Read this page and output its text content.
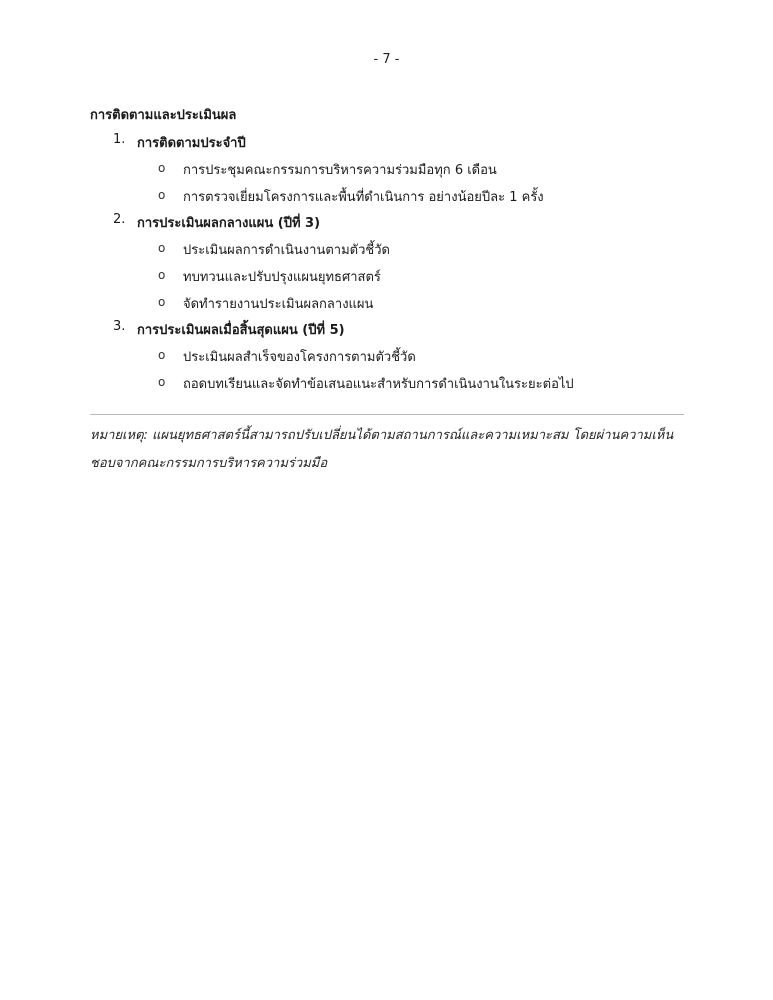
- 7 -
การติดตามและประเมินผล
1. การติดตามประจำปี
o การประชุมคณะกรรมการบริหารความร่วมมือทุก 6 เดือน
o การตรวจเยี่ยมโครงการและพื้นที่ดำเนินการ อย่างน้อยปีละ 1 ครั้ง
2. การประเมินผลกลางแผน (ปีที่ 3)
o ประเมินผลการดำเนินงานตามตัวชี้วัด
o ทบทวนและปรับปรุงแผนยุทธศาสตร์
o จัดทำรายงานประเมินผลกลางแผน
3. การประเมินผลเมื่อสิ้นสุดแผน (ปีที่ 5)
o ประเมินผลสำเร็จของโครงการตามตัวชี้วัด
o ถอดบทเรียนและจัดทำข้อเสนอแนะสำหรับการดำเนินงานในระยะต่อไป
หมายเหตุ: แผนยุทธศาสตร์นี้สามารถปรับเปลี่ยนได้ตามสถานการณ์และความเหมาะสม โดยผ่านความเห็นชอบจากคณะกรรมการบริหารความร่วมมือ
